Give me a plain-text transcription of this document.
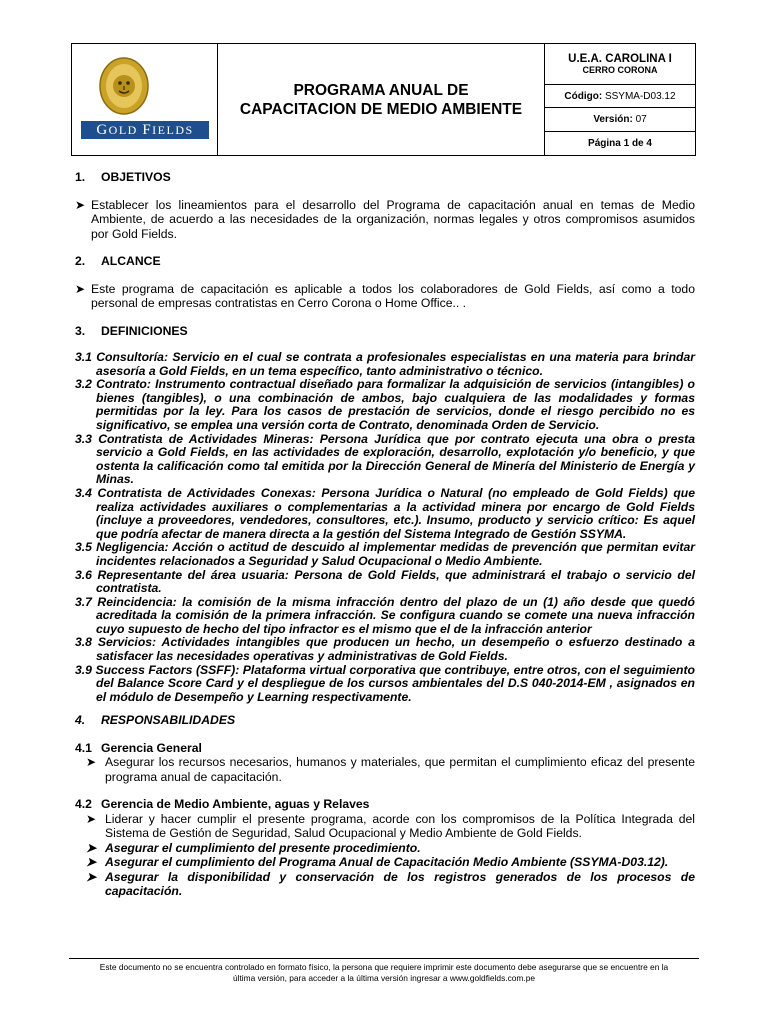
GOLD FIELDS
PROGRAMA ANUAL DE
CAPACITACION DE MEDIO AMBIENTE
U.E.A. CAROLINA I
CERRO CORONA
Código: SSYMA-D03.12
Versión: 07
Página 1 de 4
1.	OBJETIVOS
➤ Establecer los lineamientos para el desarrollo del Programa de capacitación anual en temas de Medio Ambiente, de acuerdo a las necesidades de la organización, normas legales y otros compromisos asumidos por Gold Fields.
2.	ALCANCE
➤ Este programa de capacitación es aplicable a todos los colaboradores de Gold Fields, así como a todo personal de empresas contratistas en Cerro Corona o Home Office.. .
3.	DEFINICIONES
3.1 Consultoría: Servicio en el cual se contrata a profesionales especialistas en una materia para brindar asesoría a Gold Fields, en un tema específico, tanto administrativo o técnico.
3.2 Contrato: Instrumento contractual diseñado para formalizar la adquisición de servicios (intangibles) o bienes (tangibles), o una combinación de ambos, bajo cualquiera de las modalidades y formas permitidas por la ley. Para los casos de prestación de servicios, donde el riesgo percibido no es significativo, se emplea una versión corta de Contrato, denominada Orden de Servicio.
3.3 Contratista de Actividades Mineras: Persona Jurídica que por contrato ejecuta una obra o presta servicio a Gold Fields, en las actividades de exploración, desarrollo, explotación y/o beneficio, y que ostenta la calificación como tal emitida por la Dirección General de Minería del Ministerio de Energía y Minas.
3.4 Contratista de Actividades Conexas: Persona Jurídica o Natural (no empleado de Gold Fields) que realiza actividades auxiliares o complementarias a la actividad minera por encargo de Gold Fields (incluye a proveedores, vendedores, consultores, etc.). Insumo, producto y servicio crítico: Es aquel que podría afectar de manera directa a la gestión del Sistema Integrado de Gestión SSYMA.
3.5 Negligencia: Acción o actitud de descuido al implementar medidas de prevención que permitan evitar incidentes relacionados a Seguridad y Salud Ocupacional o Medio Ambiente.
3.6 Representante del área usuaria: Persona de Gold Fields, que administrará el trabajo o servicio del contratista.
3.7 Reincidencia: la comisión de la misma infracción dentro del plazo de un (1) año desde que quedó acreditada la comisión de la primera infracción. Se configura cuando se comete una nueva infracción cuyo supuesto de hecho del tipo infractor es el mismo que el de la infracción anterior
3.8 Servicios: Actividades intangibles que producen un hecho, un desempeño o esfuerzo destinado a satisfacer las necesidades operativas y administrativas de Gold Fields.
3.9 Success Factors (SSFF): Plataforma virtual corporativa que contribuye, entre otros, con el seguimiento del Balance Score Card y el despliegue de los cursos ambientales del D.S 040-2014-EM , asignados en el módulo de Desempeño y Learning respectivamente.
4.	RESPONSABILIDADES
4.1 Gerencia General
➤ Asegurar los recursos necesarios, humanos y materiales, que permitan el cumplimiento eficaz del presente programa anual de capacitación.
4.2 Gerencia de Medio Ambiente, aguas y Relaves
➤ Liderar y hacer cumplir el presente programa, acorde con los compromisos de la Política Integrada del Sistema de Gestión de Seguridad, Salud Ocupacional y Medio Ambiente de Gold Fields.
➤ Asegurar el cumplimiento del presente procedimiento.
➤ Asegurar el cumplimiento del Programa Anual de Capacitación Medio Ambiente (SSYMA-D03.12).
➤ Asegurar la disponibilidad y conservación de los registros generados de los procesos de capacitación.
Este documento no se encuentra controlado en formato físico, la persona que requiere imprimir este documento debe asegurarse que se encuentre en la
última versión, para acceder a la última versión ingresar a www.goldfields.com.pe
